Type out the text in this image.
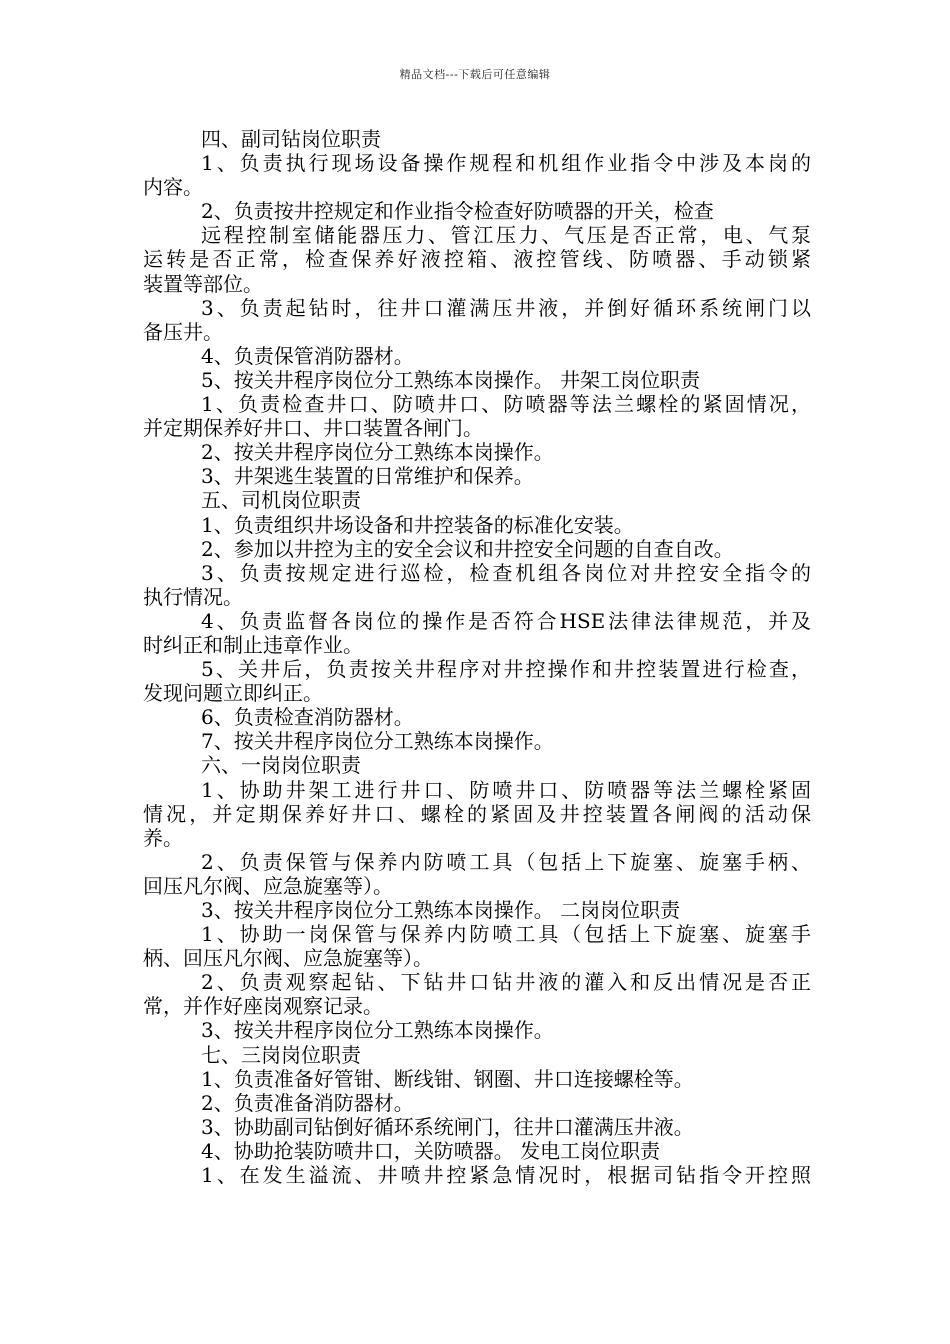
精品文档---下载后可任意编辑
四、副司钻岗位职责
1、负责执行现场设备操作规程和机组作业指令中涉及本岗的
内容。
2、负责按井控规定和作业指令检查好防喷器的开关，检查
远程控制室储能器压力、管江压力、气压是否正常，电、气泵
运转是否正常，检查保养好液控箱、液控管线、防喷器、手动锁紧
装置等部位。
3、负责起钻时，往井口灌满压井液，并倒好循环系统闸门以
备压井。
4、负责保管消防器材。
5、按关井程序岗位分工熟练本岗操作。 井架工岗位职责
1、负责检查井口、防喷井口、防喷器等法兰螺栓的紧固情况，
并定期保养好井口、井口装置各闸门。
2、按关井程序岗位分工熟练本岗操作。
3、井架逃生装置的日常维护和保养。
五、司机岗位职责
1、负责组织井场设备和井控装备的标准化安装。
2、参加以井控为主的安全会议和井控安全问题的自查自改。
3、负责按规定进行巡检，检查机组各岗位对井控安全指令的
执行情况。
4、负责监督各岗位的操作是否符合HSE法律法律规范，并及
时纠正和制止违章作业。
5、关井后，负责按关井程序对井控操作和井控装置进行检查，
发现问题立即纠正。
6、负责检查消防器材。
7、按关井程序岗位分工熟练本岗操作。
六、一岗岗位职责
1、协助井架工进行井口、防喷井口、防喷器等法兰螺栓紧固
情况，并定期保养好井口、螺栓的紧固及井控装置各闸阀的活动保
养。
2、负责保管与保养内防喷工具（包括上下旋塞、旋塞手柄、
回压凡尔阀、应急旋塞等）。
3、按关井程序岗位分工熟练本岗操作。 二岗岗位职责
1、协助一岗保管与保养内防喷工具（包括上下旋塞、旋塞手
柄、回压凡尔阀、应急旋塞等）。
2、负责观察起钻、下钻井口钻井液的灌入和反出情况是否正
常，并作好座岗观察记录。
3、按关井程序岗位分工熟练本岗操作。
七、三岗岗位职责
1、负责准备好管钳、断线钳、钢圈、井口连接螺栓等。
2、负责准备消防器材。
3、协助副司钻倒好循环系统闸门，往井口灌满压井液。
4、协助抢装防喷井口，关防喷器。 发电工岗位职责
1、在发生溢流、井喷井控紧急情况时，根据司钻指令开控照
